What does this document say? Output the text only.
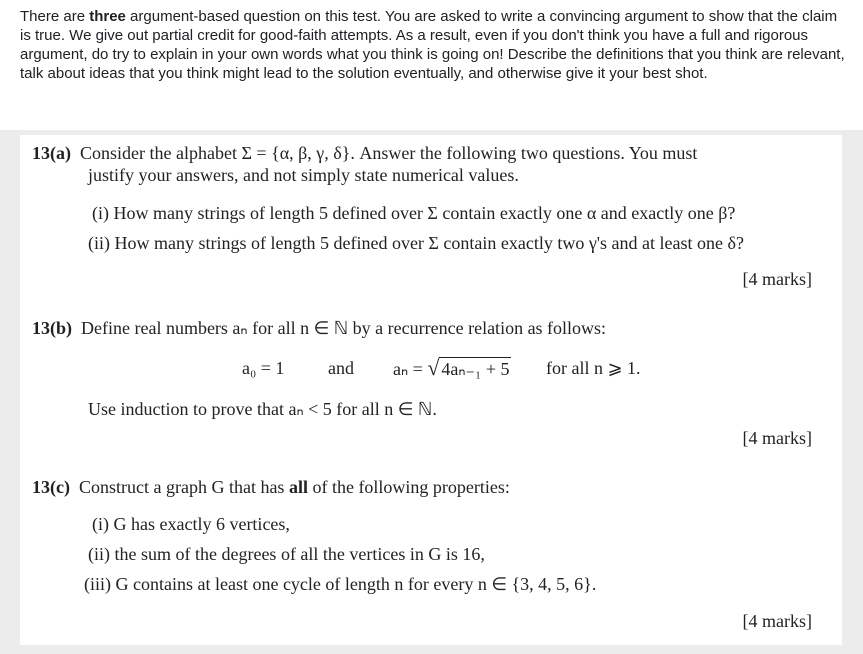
There are three argument-based question on this test. You are asked to write a convincing argument to show that the claim is true. We give out partial credit for good-faith attempts. As a result, even if you don't think you have a full and rigorous argument, do try to explain in your own words what you think is going on! Describe the definitions that you think are relevant, talk about ideas that you think might lead to the solution eventually, and otherwise give it your best shot.
13(a) Consider the alphabet Σ = {α, β, γ, δ}. Answer the following two questions. You must
justify your answers, and not simply state numerical values.
(i) How many strings of length 5 defined over Σ contain exactly one α and exactly one β?
(ii) How many strings of length 5 defined over Σ contain exactly two γ's and at least one δ?
[4 marks]
13(b) Define real numbers aₙ for all n ∈ ℕ by a recurrence relation as follows:
a₀ = 1 and aₙ = √ 4aₙ₋₁ + 5 for all n ⩾ 1.
Use induction to prove that aₙ < 5 for all n ∈ ℕ.
[4 marks]
13(c) Construct a graph G that has all of the following properties:
(i) G has exactly 6 vertices,
(ii) the sum of the degrees of all the vertices in G is 16,
(iii) G contains at least one cycle of length n for every n ∈ {3, 4, 5, 6}.
[4 marks]
